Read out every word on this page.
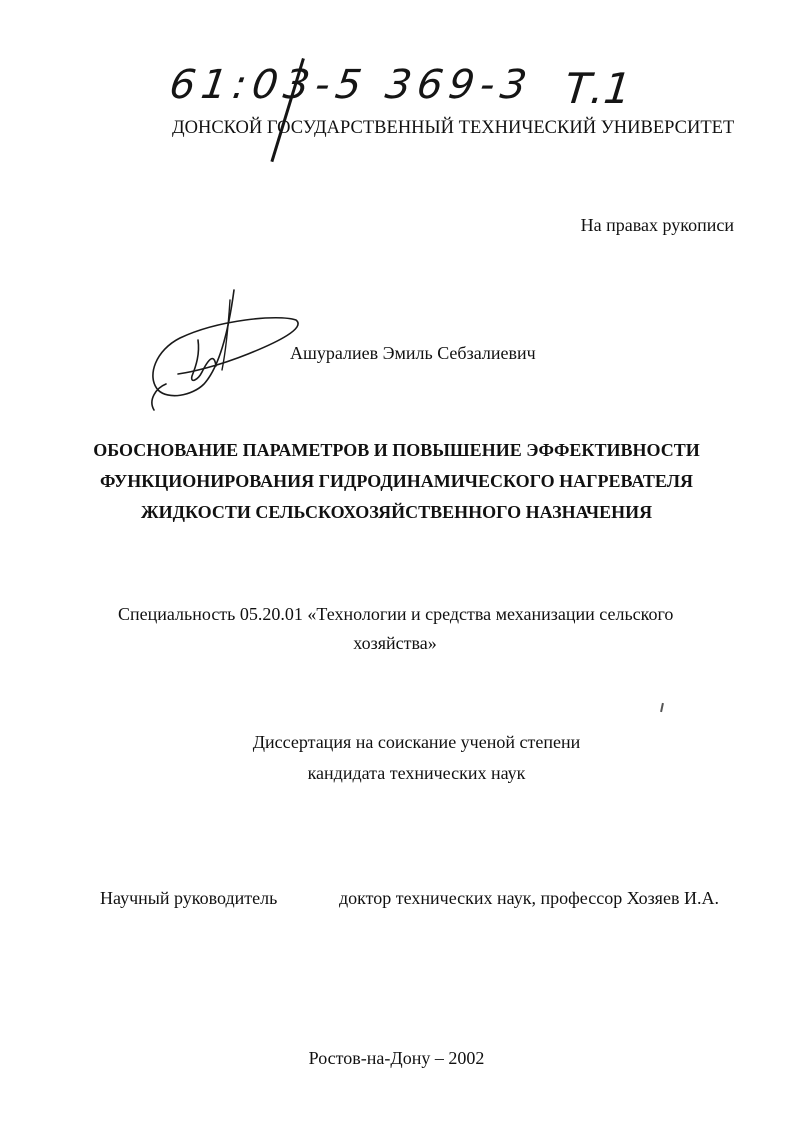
61:03-5 369-3 Т.1
ДОНСКОЙ ГОСУДАРСТВЕННЫЙ ТЕХНИЧЕСКИЙ УНИВЕРСИТЕТ
На правах рукописи
Ашуралиев Эмиль Себзалиевич
ОБОСНОВАНИЕ ПАРАМЕТРОВ И ПОВЫШЕНИЕ ЭФФЕКТИВНОСТИ
ФУНКЦИОНИРОВАНИЯ ГИДРОДИНАМИЧЕСКОГО НАГРЕВАТЕЛЯ
ЖИДКОСТИ СЕЛЬСКОХОЗЯЙСТВЕННОГО НАЗНАЧЕНИЯ
Специальность 05.20.01 «Технологии и средства механизации сельского
хозяйства»
Диссертация на соискание ученой степени
кандидата технических наук
Научный руководитель	доктор технических наук, профессор Хозяев И.А.
Ростов-на-Дону – 2002
